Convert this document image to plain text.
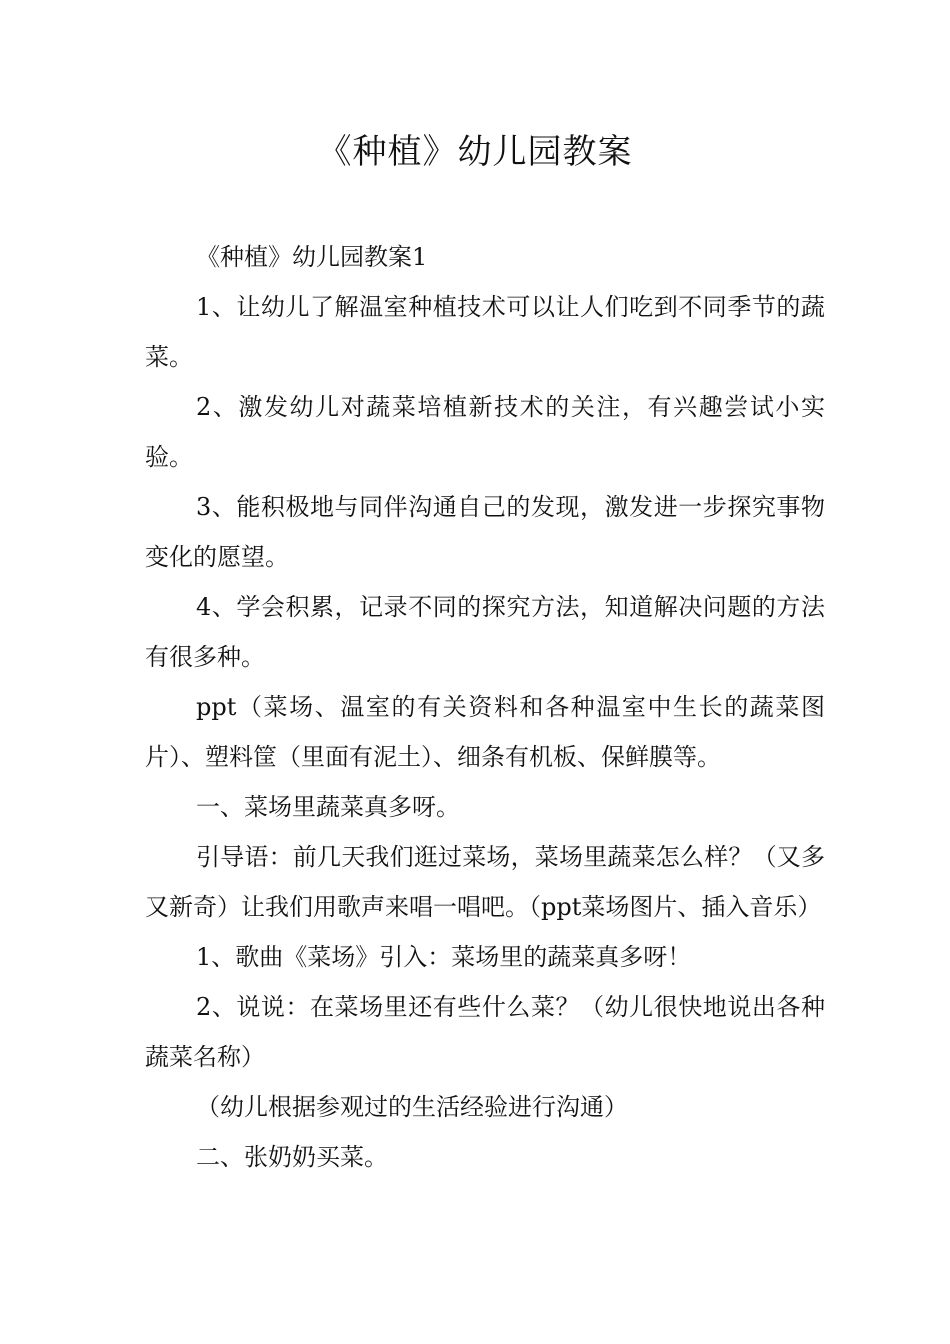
《种植》幼儿园教案

《种植》幼儿园教案1

1、让幼儿了解温室种植技术可以让人们吃到不同季节的蔬菜。

2、激发幼儿对蔬菜培植新技术的关注，有兴趣尝试小实验。

3、能积极地与同伴沟通自己的发现，激发进一步探究事物变化的愿望。

4、学会积累，记录不同的探究方法，知道解决问题的方法有很多种。

ppt（菜场、温室的有关资料和各种温室中生长的蔬菜图片）、塑料筐（里面有泥土）、细条有机板、保鲜膜等。

一、菜场里蔬菜真多呀。

引导语：前几天我们逛过菜场，菜场里蔬菜怎么样？（又多又新奇）让我们用歌声来唱一唱吧。（ppt菜场图片、插入音乐）

1、歌曲《菜场》引入：菜场里的蔬菜真多呀！

2、说说：在菜场里还有些什么菜？（幼儿很快地说出各种蔬菜名称）

（幼儿根据参观过的生活经验进行沟通）

二、张奶奶买菜。
